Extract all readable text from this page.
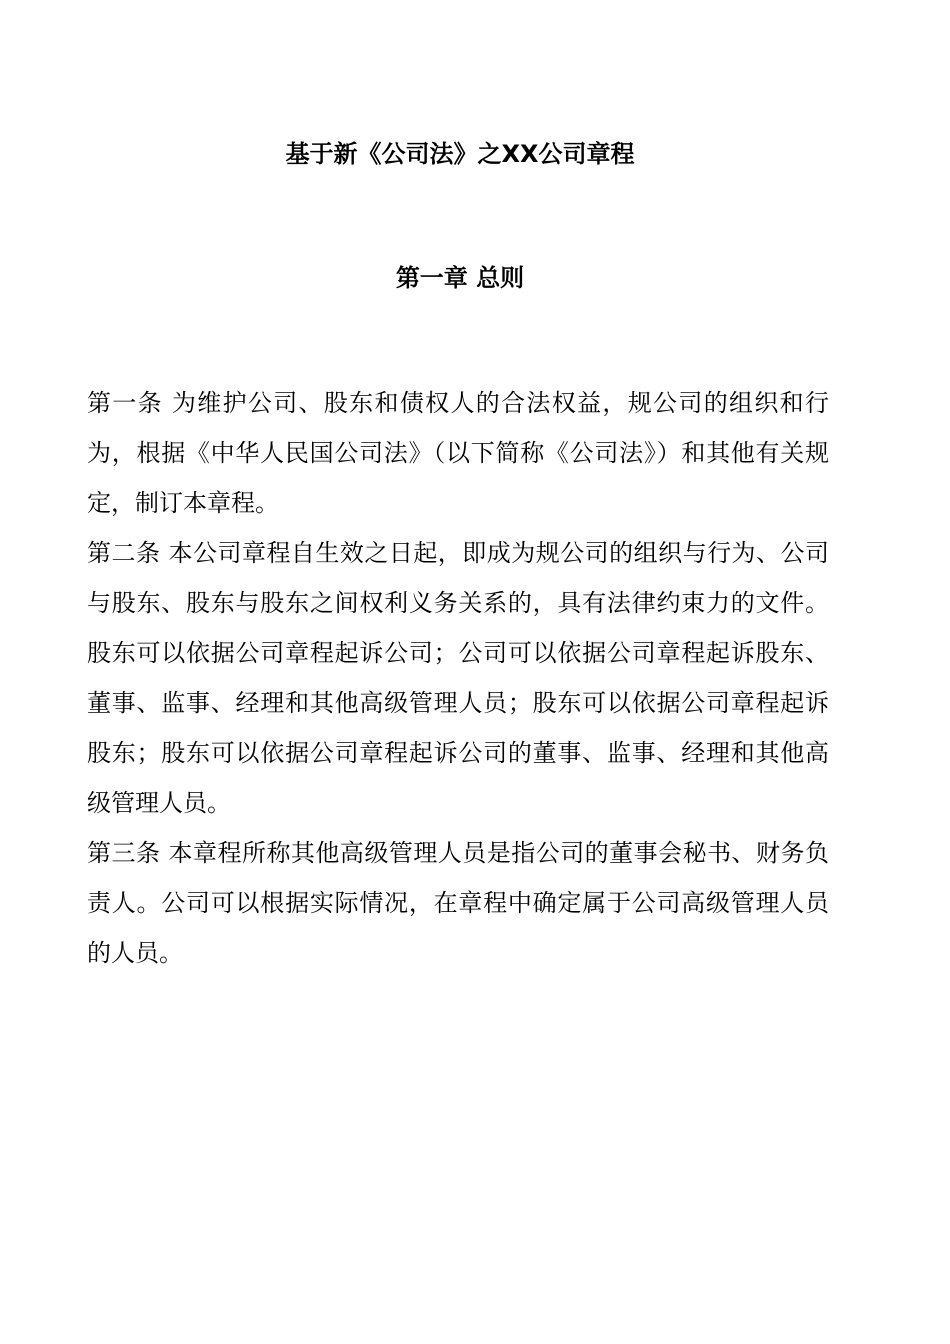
基于新《公司法》之XX公司章程
第一章 总则

第一条 为维护公司、股东和债权人的合法权益，规公司的组织和行为，根据《中华人民国公司法》（以下简称《公司法》）和其他有关规定，制订本章程。

第二条 本公司章程自生效之日起，即成为规公司的组织与行为、公司与股东、股东与股东之间权利义务关系的，具有法律约束力的文件。股东可以依据公司章程起诉公司；公司可以依据公司章程起诉股东、董事、监事、经理和其他高级管理人员；股东可以依据公司章程起诉股东；股东可以依据公司章程起诉公司的董事、监事、经理和其他高级管理人员。

第三条 本章程所称其他高级管理人员是指公司的董事会秘书、财务负责人。公司可以根据实际情况，在章程中确定属于公司高级管理人员的人员。
